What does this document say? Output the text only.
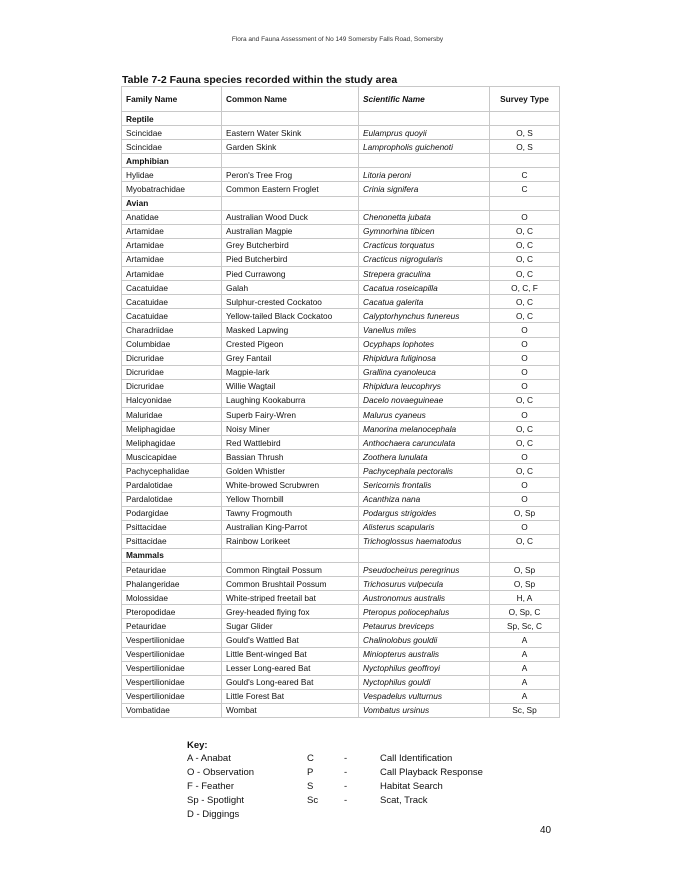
Flora and Fauna Assessment of No 149 Somersby Falls Road, Somersby
Table 7-2 Fauna species recorded within the study area
Family Name	Common Name	Scientific Name	Survey Type
Reptile			
Scincidae	Eastern Water Skink	Eulamprus quoyii	O, S
Scincidae	Garden Skink	Lampropholis guichenoti	O, S
Amphibian			
Hylidae	Peron's Tree Frog	Litoria peroni	C
Myobatrachidae	Common Eastern Froglet	Crinia signifera	C
Avian			
Anatidae	Australian Wood Duck	Chenonetta jubata	O
Artamidae	Australian Magpie	Gymnorhina tibicen	O, C
Artamidae	Grey Butcherbird	Cracticus torquatus	O, C
Artamidae	Pied Butcherbird	Cracticus nigrogularis	O, C
Artamidae	Pied Currawong	Strepera graculina	O, C
Cacatuidae	Galah	Cacatua roseicapilla	O, C, F
Cacatuidae	Sulphur-crested Cockatoo	Cacatua galerita	O, C
Cacatuidae	Yellow-tailed Black Cockatoo	Calyptorhynchus funereus	O, C
Charadriidae	Masked Lapwing	Vanellus miles	O
Columbidae	Crested Pigeon	Ocyphaps lophotes	O
Dicruridae	Grey Fantail	Rhipidura fuliginosa	O
Dicruridae	Magpie-lark	Grallina cyanoleuca	O
Dicruridae	Willie Wagtail	Rhipidura leucophrys	O
Halcyonidae	Laughing Kookaburra	Dacelo novaeguineae	O, C
Maluridae	Superb Fairy-Wren	Malurus cyaneus	O
Meliphagidae	Noisy Miner	Manorina melanocephala	O, C
Meliphagidae	Red Wattlebird	Anthochaera carunculata	O, C
Muscicapidae	Bassian Thrush	Zoothera lunulata	O
Pachycephalidae	Golden Whistler	Pachycephala pectoralis	O, C
Pardalotidae	White-browed Scrubwren	Sericornis frontalis	O
Pardalotidae	Yellow Thornbill	Acanthiza nana	O
Podargidae	Tawny Frogmouth	Podargus strigoides	O, Sp
Psittacidae	Australian King-Parrot	Alisterus scapularis	O
Psittacidae	Rainbow Lorikeet	Trichoglossus haematodus	O, C
Mammals			
Petauridae	Common Ringtail Possum	Pseudocheirus peregrinus	O, Sp
Phalangeridae	Common Brushtail Possum	Trichosurus vulpecula	O, Sp
Molossidae	White-striped freetail bat	Austronomus australis	H, A
Pteropodidae	Grey-headed flying fox	Pteropus poliocephalus	O, Sp, C
Petauridae	Sugar Glider	Petaurus breviceps	Sp, Sc, C
Vespertilionidae	Gould's Wattled Bat	Chalinolobus gouldii	A
Vespertilionidae	Little Bent-winged Bat	Miniopterus australis	A
Vespertilionidae	Lesser Long-eared Bat	Nyctophilus geoffroyi	A
Vespertilionidae	Gould's Long-eared Bat	Nyctophilus gouldi	A
Vespertilionidae	Little Forest Bat	Vespadelus vulturnus	A
Vombatidae	Wombat	Vombatus ursinus	Sc, Sp
Key:
A - Anabat	C	-	Call Identification
O - Observation	P	-	Call Playback Response
F - Feather	S	-	Habitat Search
Sp - Spotlight	Sc	-	Scat, Track
D - Diggings
40
